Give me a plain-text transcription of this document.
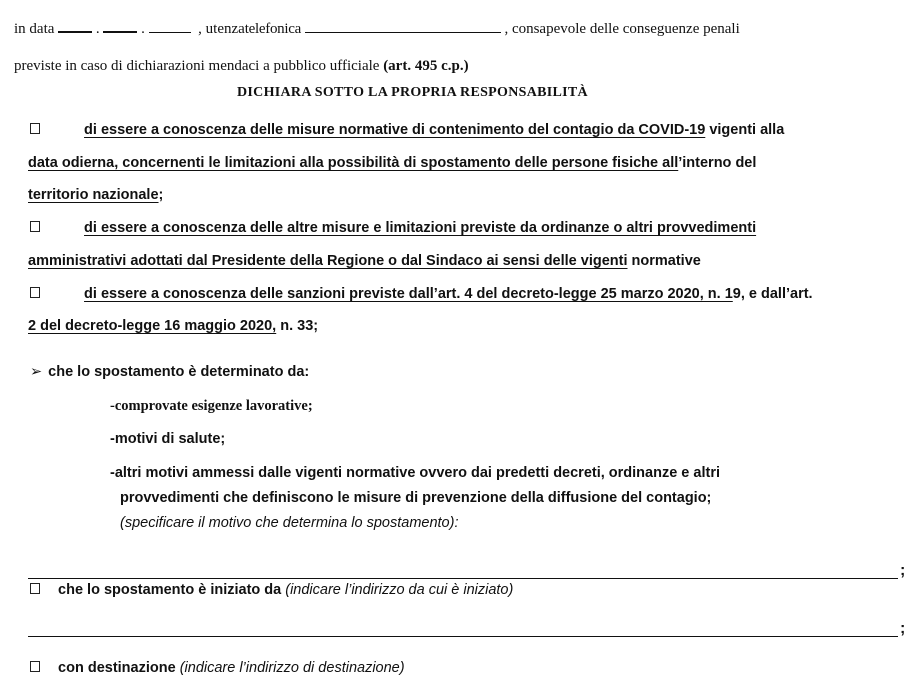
in data	.	.	, utenzatelefonica	, consapevole delle conseguenze penali
previste in caso di dichiarazioni mendaci a pubblico ufficiale (art. 495 c.p.)
DICHIARA SOTTO LA PROPRIA RESPONSABILITÀ
di essere a conoscenza delle misure normative di contenimento del contagio da COVID-19 vigenti alla
data odierna, concernenti le limitazioni alla possibilità di spostamento delle persone fisiche all’interno del
territorio nazionale;
di essere a conoscenza delle altre misure e limitazioni previste da ordinanze o altri provvedimenti
amministrativi adottati dal Presidente della Regione o dal Sindaco ai sensi delle vigenti normative
di essere a conoscenza delle sanzioni previste dall’art. 4 del decreto-legge 25 marzo 2020, n. 19, e dall’art.
2 del decreto-legge 16 maggio 2020, n. 33;
➢ che lo spostamento è determinato da:
-comprovate esigenze lavorative;
-motivi di salute;
-altri motivi ammessi dalle vigenti normative ovvero dai predetti decreti, ordinanze e altri
provvedimenti che definiscono le misure di prevenzione della diffusione del contagio;
(specificare il motivo che determina lo spostamento):
;
che lo spostamento è iniziato da (indicare l’indirizzo da cui è iniziato)
;
con destinazione (indicare l’indirizzo di destinazione)
